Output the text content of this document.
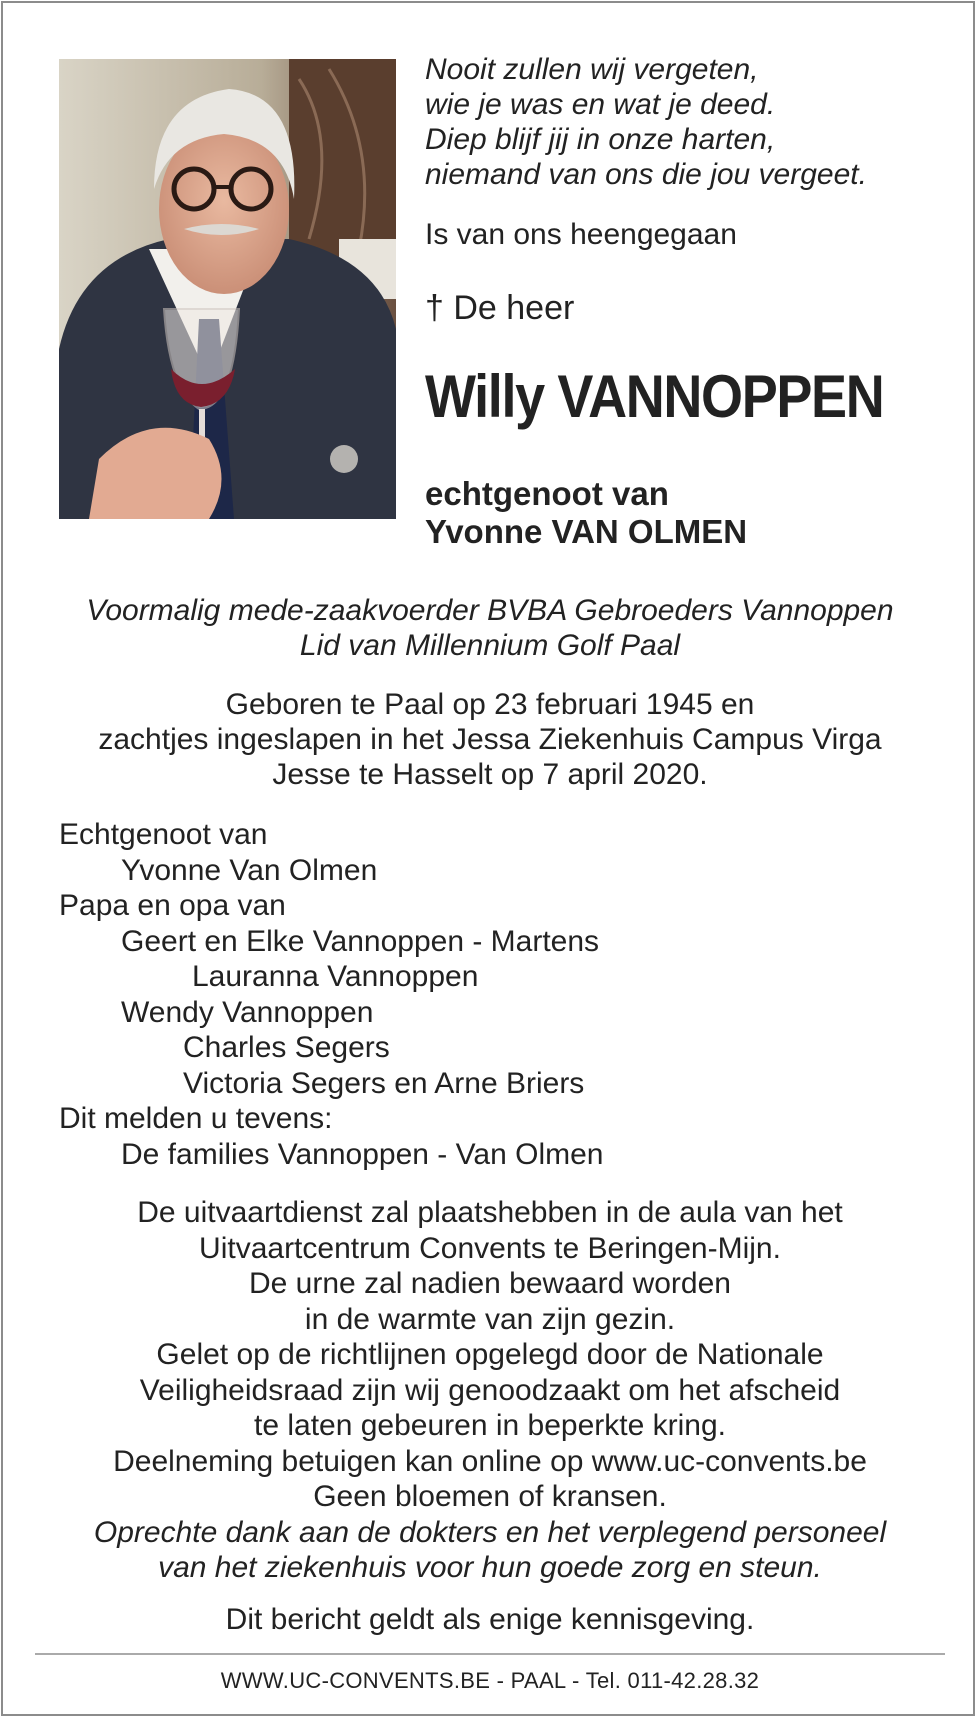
Nooit zullen wij vergeten,
wie je was en wat je deed.
Diep blijf jij in onze harten,
niemand van ons die jou vergeet.
Is van ons heengegaan
† De heer
Willy VANNOPPEN
echtgenoot van
Yvonne VAN OLMEN
Voormalig mede-zaakvoerder BVBA Gebroeders Vannoppen
Lid van Millennium Golf Paal
Geboren te Paal op 23 februari 1945 en
zachtjes ingeslapen in het Jessa Ziekenhuis Campus Virga
Jesse te Hasselt op 7 april 2020.
Echtgenoot van
Yvonne Van Olmen
Papa en opa van
Geert en Elke Vannoppen - Martens
Lauranna Vannoppen
Wendy Vannoppen
Charles Segers
Victoria Segers en Arne Briers
Dit melden u tevens:
De families Vannoppen - Van Olmen
De uitvaartdienst zal plaatshebben in de aula van het
Uitvaartcentrum Convents te Beringen-Mijn.
De urne zal nadien bewaard worden
in de warmte van zijn gezin.
Gelet op de richtlijnen opgelegd door de Nationale
Veiligheidsraad zijn wij genoodzaakt om het afscheid
te laten gebeuren in beperkte kring.
Deelneming betuigen kan online op www.uc-convents.be
Geen bloemen of kransen.
Oprechte dank aan de dokters en het verplegend personeel
van het ziekenhuis voor hun goede zorg en steun.
Dit bericht geldt als enige kennisgeving.
WWW.UC-CONVENTS.BE - PAAL - Tel. 011-42.28.32
